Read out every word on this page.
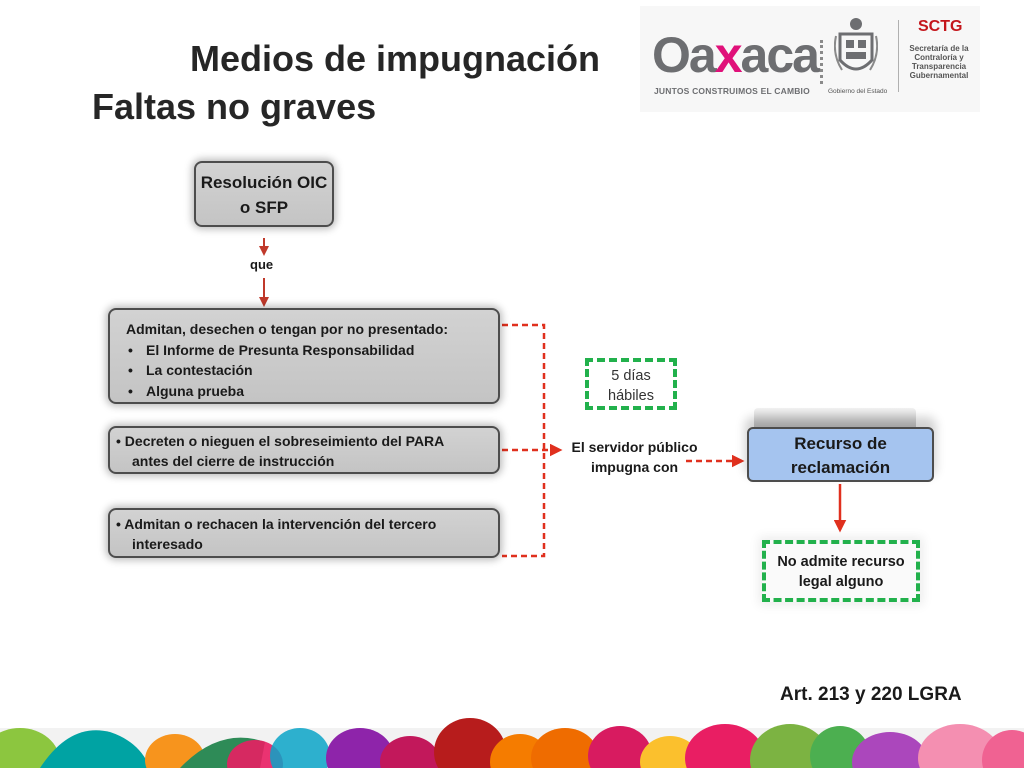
Medios de impugnación
Faltas no graves
Oaxaca
JUNTOS CONSTRUIMOS EL CAMBIO	Gobierno del Estado
SCTG
Secretaría de la Contraloría y Transparencia Gubernamental
Resolución OIC o SFP
que
Admitan, desechen o tengan por no presentado:
• El Informe de Presunta Responsabilidad
• La contestación
• Alguna prueba
• Decreten o nieguen el sobreseimiento del PARA
antes del cierre de instrucción
• Admitan o rechacen la intervención del tercero
interesado
5 días hábiles
El servidor público impugna con
Recurso de reclamación
No admite recurso legal alguno
Art. 213 y 220 LGRA
